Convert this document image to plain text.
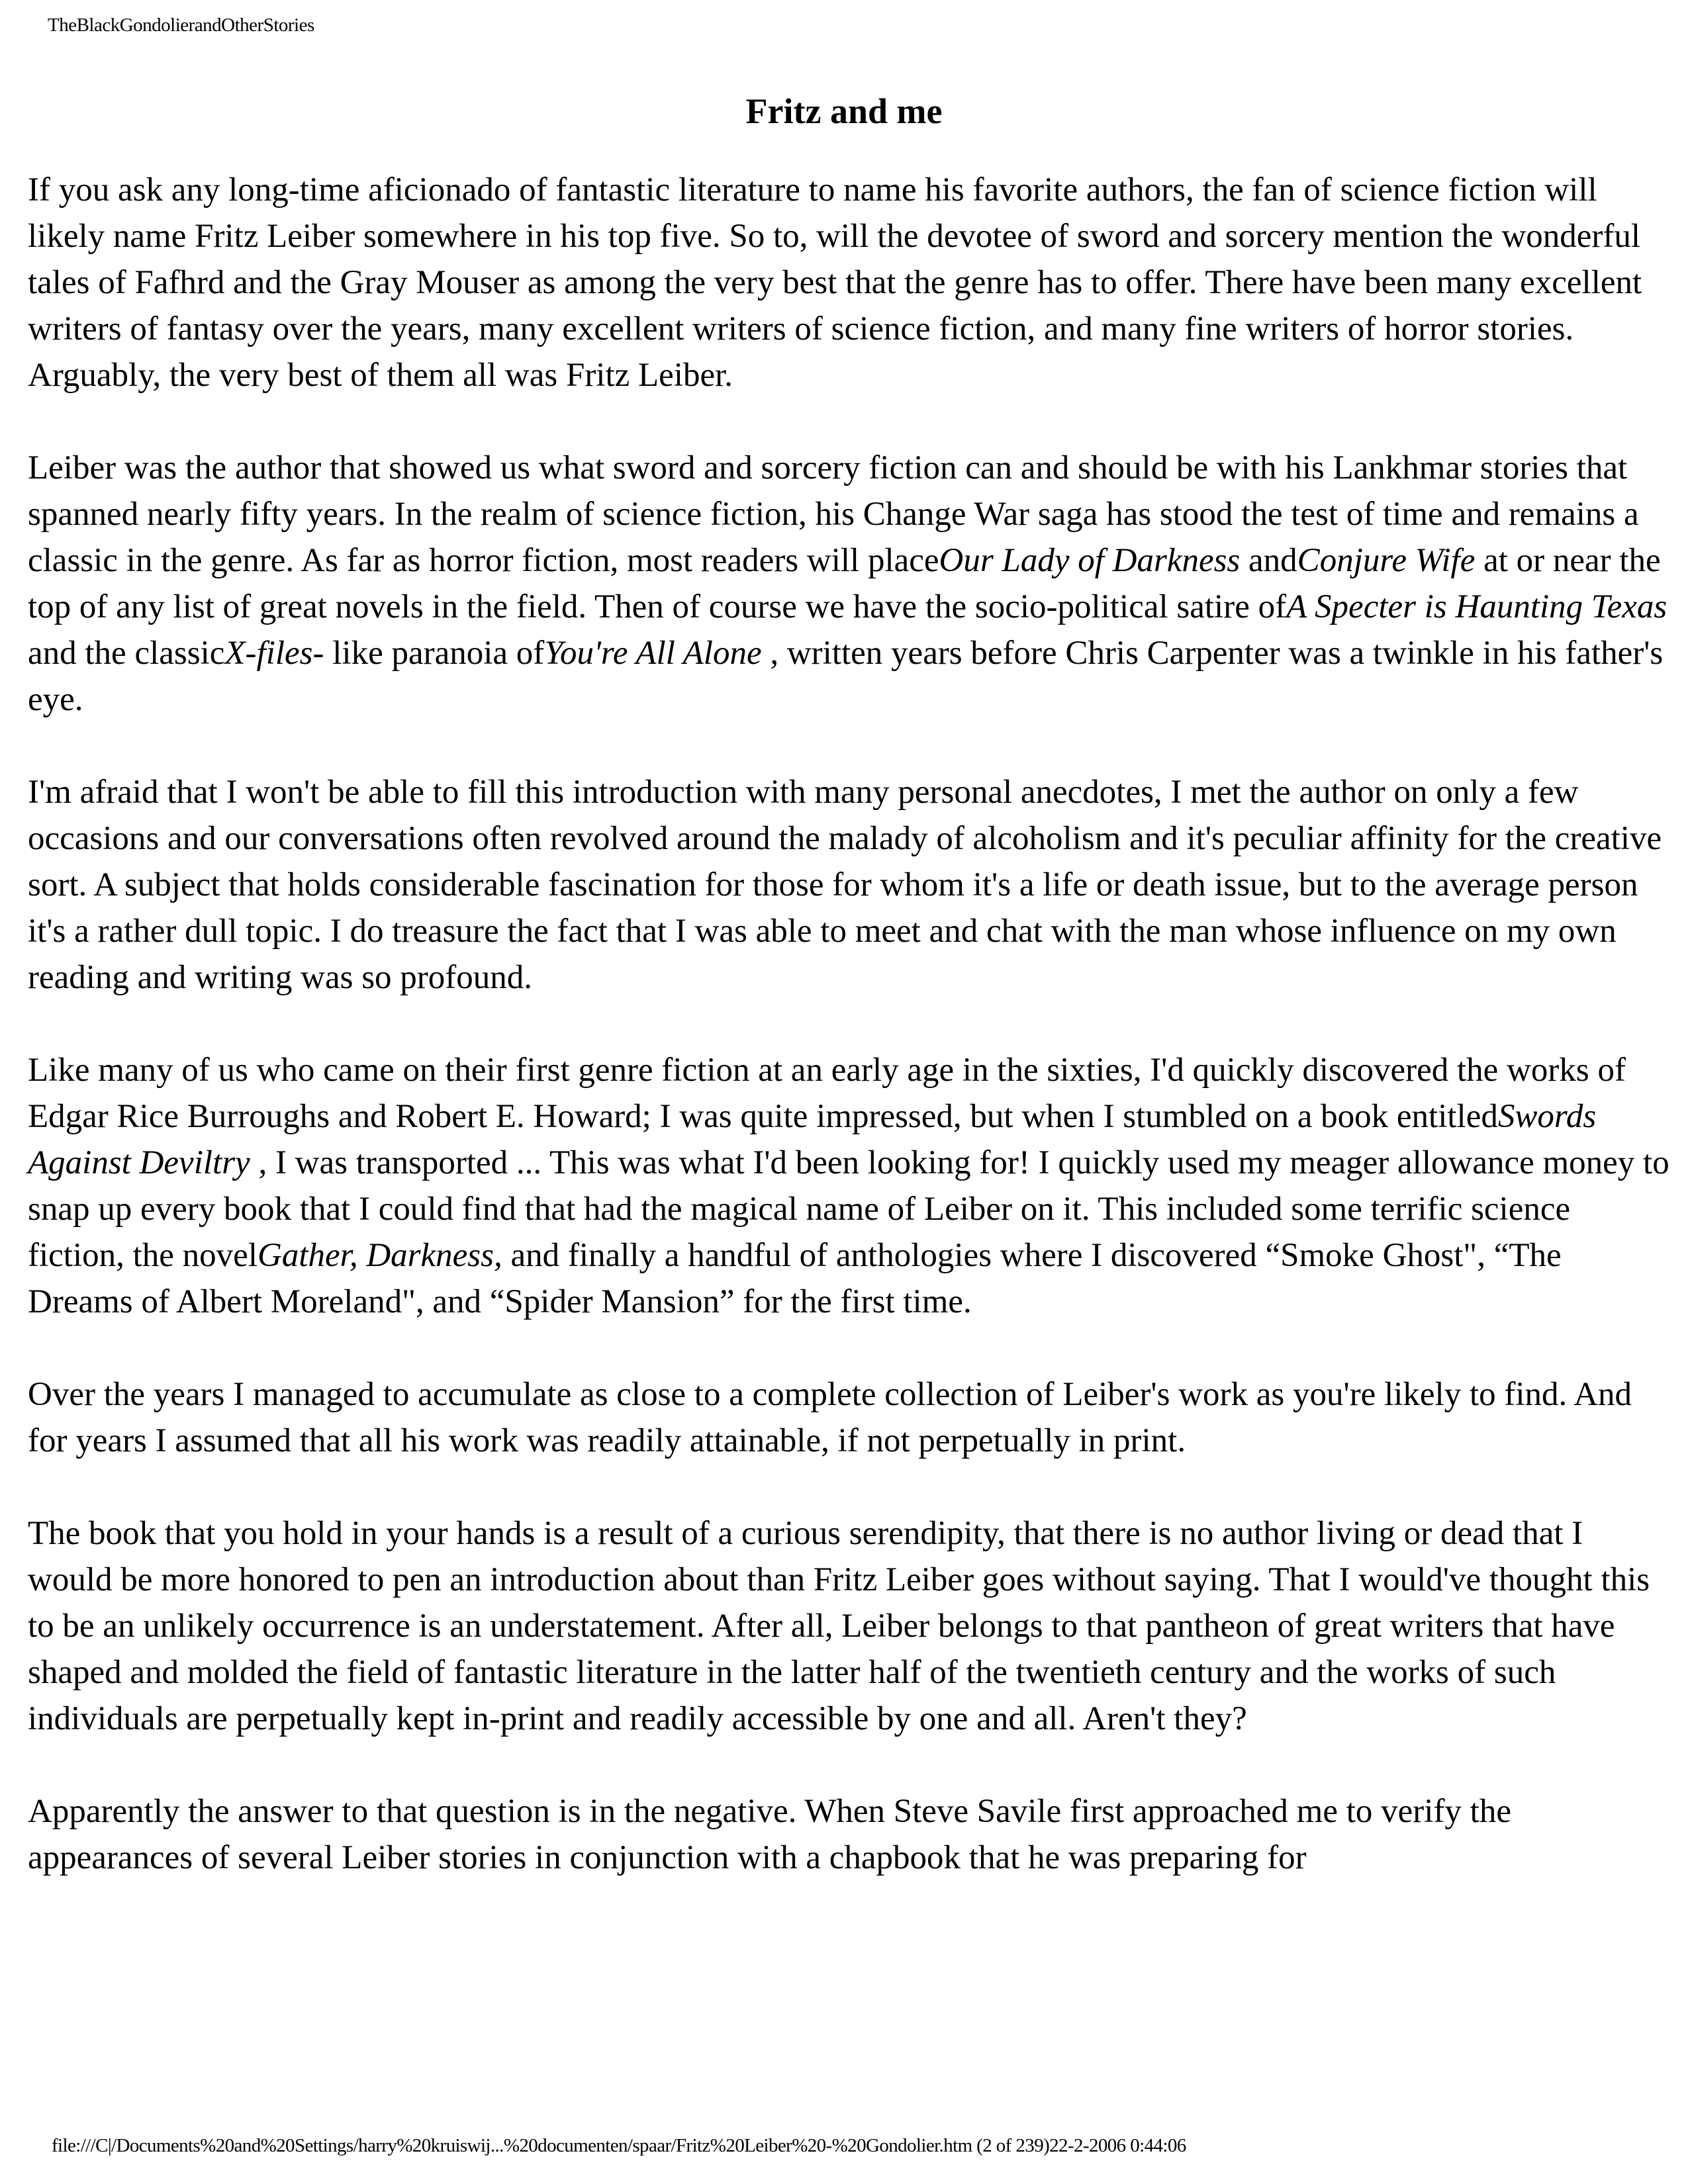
TheBlackGondolierandOtherStories
Fritz and me

If you ask any long-time aficionado of fantastic literature to name his favorite authors, the fan of science fiction will likely name Fritz Leiber somewhere in his top five. So to, will the devotee of sword and sorcery mention the wonderful tales of Fafhrd and the Gray Mouser as among the very best that the genre has to offer. There have been many excellent writers of fantasy over the years, many excellent writers of science fiction, and many fine writers of horror stories. Arguably, the very best of them all was Fritz Leiber.

Leiber was the author that showed us what sword and sorcery fiction can and should be with his Lankhmar stories that spanned nearly fifty years. In the realm of science fiction, his Change War saga has stood the test of time and remains a classic in the genre. As far as horror fiction, most readers will placeOur Lady of Darkness andConjure Wife at or near the top of any list of great novels in the field. Then of course we have the socio-political satire ofA Specter is Haunting Texas and the classicX-files- like paranoia ofYou're All Alone , written years before Chris Carpenter was a twinkle in his father's eye.

I'm afraid that I won't be able to fill this introduction with many personal anecdotes, I met the author on only a few occasions and our conversations often revolved around the malady of alcoholism and it's peculiar affinity for the creative sort. A subject that holds considerable fascination for those for whom it's a life or death issue, but to the average person it's a rather dull topic. I do treasure the fact that I was able to meet and chat with the man whose influence on my own reading and writing was so profound.

Like many of us who came on their first genre fiction at an early age in the sixties, I'd quickly discovered the works of Edgar Rice Burroughs and Robert E. Howard; I was quite impressed, but when I stumbled on a book entitledSwords Against Deviltry , I was transported ... This was what I'd been looking for! I quickly used my meager allowance money to snap up every book that I could find that had the magical name of Leiber on it. This included some terrific science fiction, the novelGather, Darkness, and finally a handful of anthologies where I discovered “Smoke Ghost", “The Dreams of Albert Moreland", and “Spider Mansion” for the first time.

Over the years I managed to accumulate as close to a complete collection of Leiber's work as you're likely to find. And for years I assumed that all his work was readily attainable, if not perpetually in print.

The book that you hold in your hands is a result of a curious serendipity, that there is no author living or dead that I would be more honored to pen an introduction about than Fritz Leiber goes without saying. That I would've thought this to be an unlikely occurrence is an understatement. After all, Leiber belongs to that pantheon of great writers that have shaped and molded the field of fantastic literature in the latter half of the twentieth century and the works of such individuals are perpetually kept in-print and readily accessible by one and all. Aren't they?

Apparently the answer to that question is in the negative. When Steve Savile first approached me to verify the appearances of several Leiber stories in conjunction with a chapbook that he was preparing for

file:///C|/Documents%20and%20Settings/harry%20kruiswij...%20documenten/spaar/Fritz%20Leiber%20-%20Gondolier.htm (2 of 239)22-2-2006 0:44:06
